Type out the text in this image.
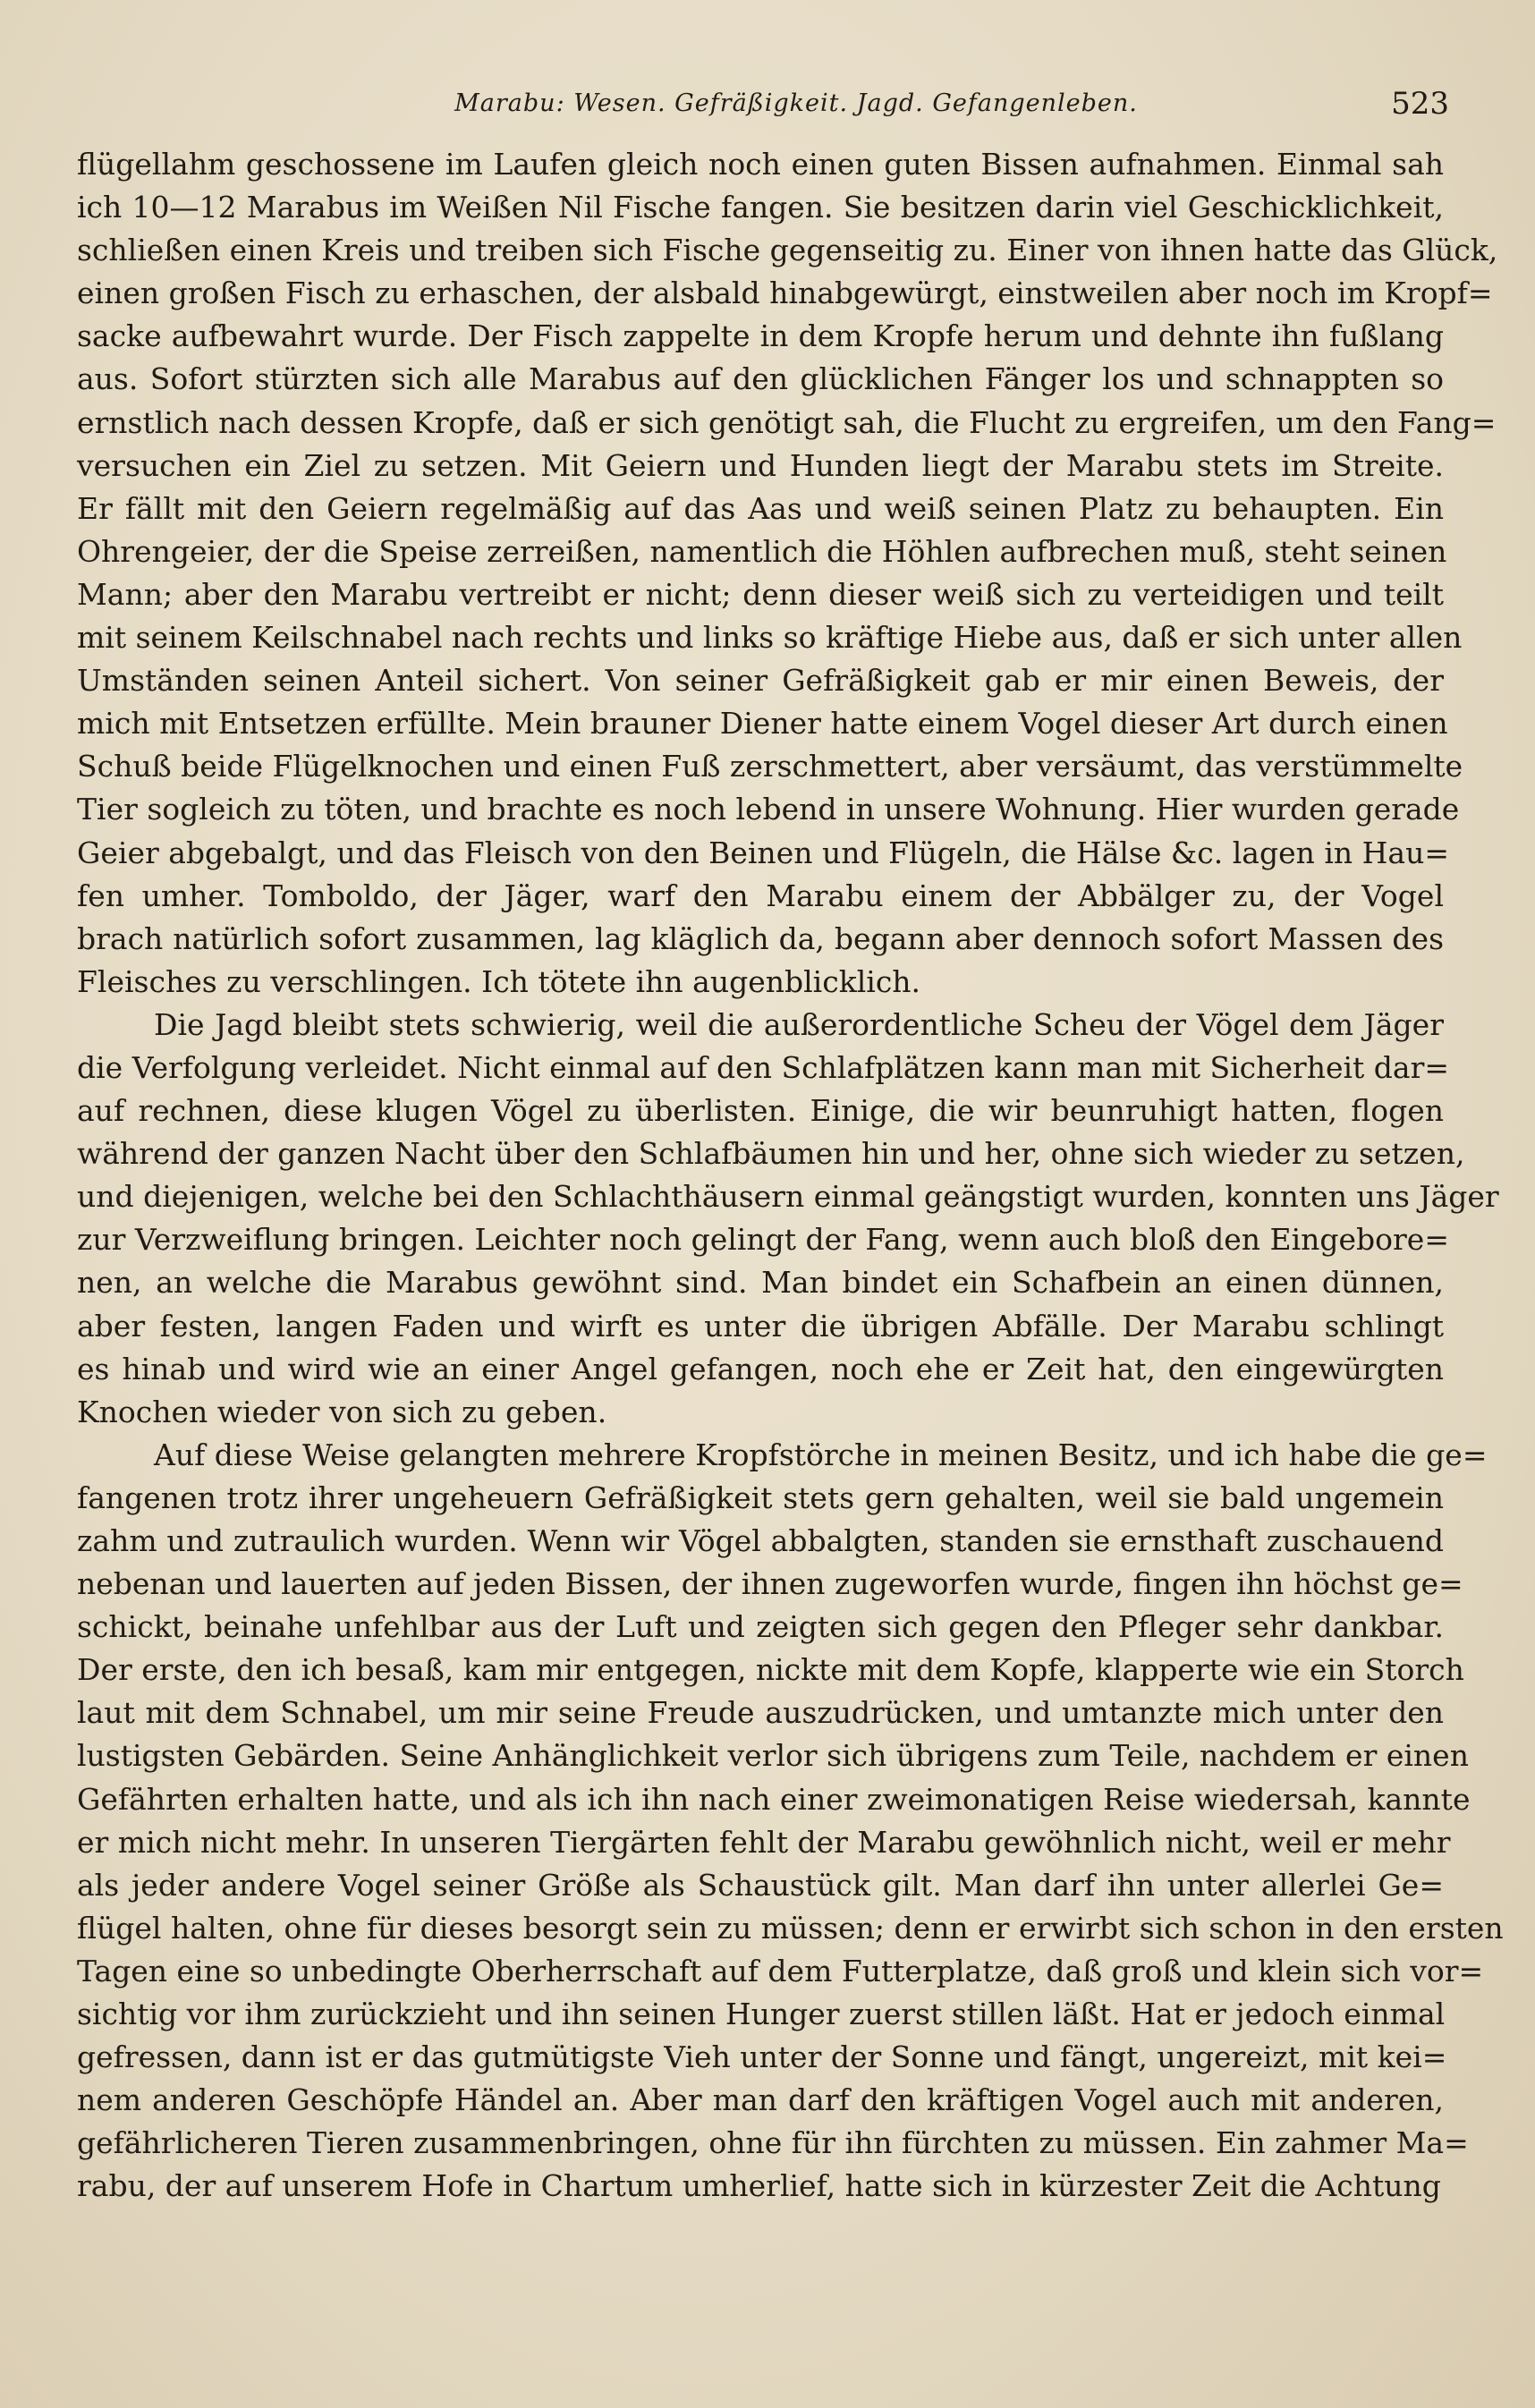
Marabu: Wesen. Gefräßigkeit. Jagd. Gefangenleben.	523
flügellahm geschossene im Laufen gleich noch einen guten Bissen aufnahmen. Einmal sah
ich 10—12 Marabus im Weißen Nil Fische fangen. Sie besitzen darin viel Geschicklichkeit,
schließen einen Kreis und treiben sich Fische gegenseitig zu. Einer von ihnen hatte das Glück,
einen großen Fisch zu erhaschen, der alsbald hinabgewürgt, einstweilen aber noch im Kropf=
sacke aufbewahrt wurde. Der Fisch zappelte in dem Kropfe herum und dehnte ihn fußlang
aus. Sofort stürzten sich alle Marabus auf den glücklichen Fänger los und schnappten so
ernstlich nach dessen Kropfe, daß er sich genötigt sah, die Flucht zu ergreifen, um den Fang=
versuchen ein Ziel zu setzen. Mit Geiern und Hunden liegt der Marabu stets im Streite.
Er fällt mit den Geiern regelmäßig auf das Aas und weiß seinen Platz zu behaupten. Ein
Ohrengeier, der die Speise zerreißen, namentlich die Höhlen aufbrechen muß, steht seinen
Mann; aber den Marabu vertreibt er nicht; denn dieser weiß sich zu verteidigen und teilt
mit seinem Keilschnabel nach rechts und links so kräftige Hiebe aus, daß er sich unter allen
Umständen seinen Anteil sichert. Von seiner Gefräßigkeit gab er mir einen Beweis, der
mich mit Entsetzen erfüllte. Mein brauner Diener hatte einem Vogel dieser Art durch einen
Schuß beide Flügelknochen und einen Fuß zerschmettert, aber versäumt, das verstümmelte
Tier sogleich zu töten, und brachte es noch lebend in unsere Wohnung. Hier wurden gerade
Geier abgebalgt, und das Fleisch von den Beinen und Flügeln, die Hälse &c. lagen in Hau=
fen umher. Tomboldo, der Jäger, warf den Marabu einem der Abbälger zu, der Vogel
brach natürlich sofort zusammen, lag kläglich da, begann aber dennoch sofort Massen des
Fleisches zu verschlingen. Ich tötete ihn augenblicklich.
Die Jagd bleibt stets schwierig, weil die außerordentliche Scheu der Vögel dem Jäger
die Verfolgung verleidet. Nicht einmal auf den Schlafplätzen kann man mit Sicherheit dar=
auf rechnen, diese klugen Vögel zu überlisten. Einige, die wir beunruhigt hatten, flogen
während der ganzen Nacht über den Schlafbäumen hin und her, ohne sich wieder zu setzen,
und diejenigen, welche bei den Schlachthäusern einmal geängstigt wurden, konnten uns Jäger
zur Verzweiflung bringen. Leichter noch gelingt der Fang, wenn auch bloß den Eingebore=
nen, an welche die Marabus gewöhnt sind. Man bindet ein Schafbein an einen dünnen,
aber festen, langen Faden und wirft es unter die übrigen Abfälle. Der Marabu schlingt
es hinab und wird wie an einer Angel gefangen, noch ehe er Zeit hat, den eingewürgten
Knochen wieder von sich zu geben.
Auf diese Weise gelangten mehrere Kropfstörche in meinen Besitz, und ich habe die ge=
fangenen trotz ihrer ungeheuern Gefräßigkeit stets gern gehalten, weil sie bald ungemein
zahm und zutraulich wurden. Wenn wir Vögel abbalgten, standen sie ernsthaft zuschauend
nebenan und lauerten auf jeden Bissen, der ihnen zugeworfen wurde, fingen ihn höchst ge=
schickt, beinahe unfehlbar aus der Luft und zeigten sich gegen den Pfleger sehr dankbar.
Der erste, den ich besaß, kam mir entgegen, nickte mit dem Kopfe, klapperte wie ein Storch
laut mit dem Schnabel, um mir seine Freude auszudrücken, und umtanzte mich unter den
lustigsten Gebärden. Seine Anhänglichkeit verlor sich übrigens zum Teile, nachdem er einen
Gefährten erhalten hatte, und als ich ihn nach einer zweimonatigen Reise wiedersah, kannte
er mich nicht mehr. In unseren Tiergärten fehlt der Marabu gewöhnlich nicht, weil er mehr
als jeder andere Vogel seiner Größe als Schaustück gilt. Man darf ihn unter allerlei Ge=
flügel halten, ohne für dieses besorgt sein zu müssen; denn er erwirbt sich schon in den ersten
Tagen eine so unbedingte Oberherrschaft auf dem Futterplatze, daß groß und klein sich vor=
sichtig vor ihm zurückzieht und ihn seinen Hunger zuerst stillen läßt. Hat er jedoch einmal
gefressen, dann ist er das gutmütigste Vieh unter der Sonne und fängt, ungereizt, mit kei=
nem anderen Geschöpfe Händel an. Aber man darf den kräftigen Vogel auch mit anderen,
gefährlicheren Tieren zusammenbringen, ohne für ihn fürchten zu müssen. Ein zahmer Ma=
rabu, der auf unserem Hofe in Chartum umherlief, hatte sich in kürzester Zeit die Achtung
